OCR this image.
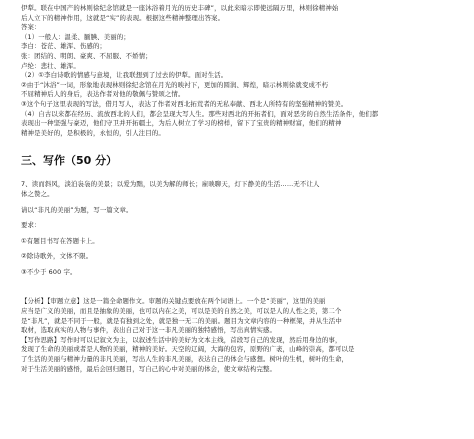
伊犁。联在中国产的林则徐纪念馆就是一座沐浴着月光的历史丰碑”，以此来暗示即使远隔万里，林则徐精神始
后人立下的精神作用，这就是“实”的表现。根据这些精神整理出答案。
答案：
（1）一般人：温柔、腼腆、美丽的；
李白：苍茫、雄浑、伤感的；
张：团结的、明朗、豪爽、不屈服、不娇情；
卢纶：悲壮、雄浑。
（2）①李白诗歌的情感与意境，让我联想到了过去的伊犁。面对生活。
②由于“沐浴”一词，形象地表现林则徐纪念馆在月光的映衬下，更加的圆润、辉煌，暗示林则徐就变成不朽
不屈精神后人的身后，表达作者对他的敬佩与赞颂之情。
③这个句子这里表现的写法，借月写人，表达了作者对西北拓荒者的无私奉献、西北人所特有的坚强精神的赞美。
（4）自古以来都在经历、流放西北的人们，都会呈现大写人生。那些对西北的开拓者们，面对恶劣的自然生活条件，他们都
表现出一种坚强与豪迈，他们守卫并开拓疆土，为后人树立了学习的榜样，留下了宝贵的精神财富，他们的精神
精神是美好的，是积极的，永恒的，引人注目的。
三、写作（50 分）
7、读而斜风，淡泊袅袅的美景；以爱为黜，以美为解的师长；雇映聊天，灯下静美的生活……无不让人
体之赞之。
请以“非凡的美丽”为题，写一篇文章。
要求：
①有题目书写在答题卡上。
②除诗歌外，文体不限。
③不少于 600 字。
【分析】【审题立意】这是一篇全命题作文。审题的关键点要放在两个词语上。一个是“美丽”，这里的美丽
应当是广义的美丽，而且是抽象的美丽，也可以内在之美，可以是美的自然之美，可以是人的人性之美，第二个
是“非凡”，就是不同于一般，就是有独到之处，就是独一无二的美丽。题目为文章内容的一种框架，并从生活中
取材，选取真实的人物与事件，表出自己对于这一非凡美丽的独特感悟，写出真情实感。
【写作思路】写作时可以记叙文为主，以叙述生活中的美好为文本主线，首段写自己的发现，然后用身边的事，
发现了生命的美丽或者是人物的美丽，精神的美好。天空的辽阔，大海的包容，原野的广袤，山峰的崇高，都可以是
了生活的美丽与精神力量的非凡美丽，写出人生的非凡美丽，表达自己的体会与感想。树叶的生机，树叶的生命，
对于生活美丽的感悟，最后会回归题目，写自己的心中对美丽的体会，使文章结构完整。
